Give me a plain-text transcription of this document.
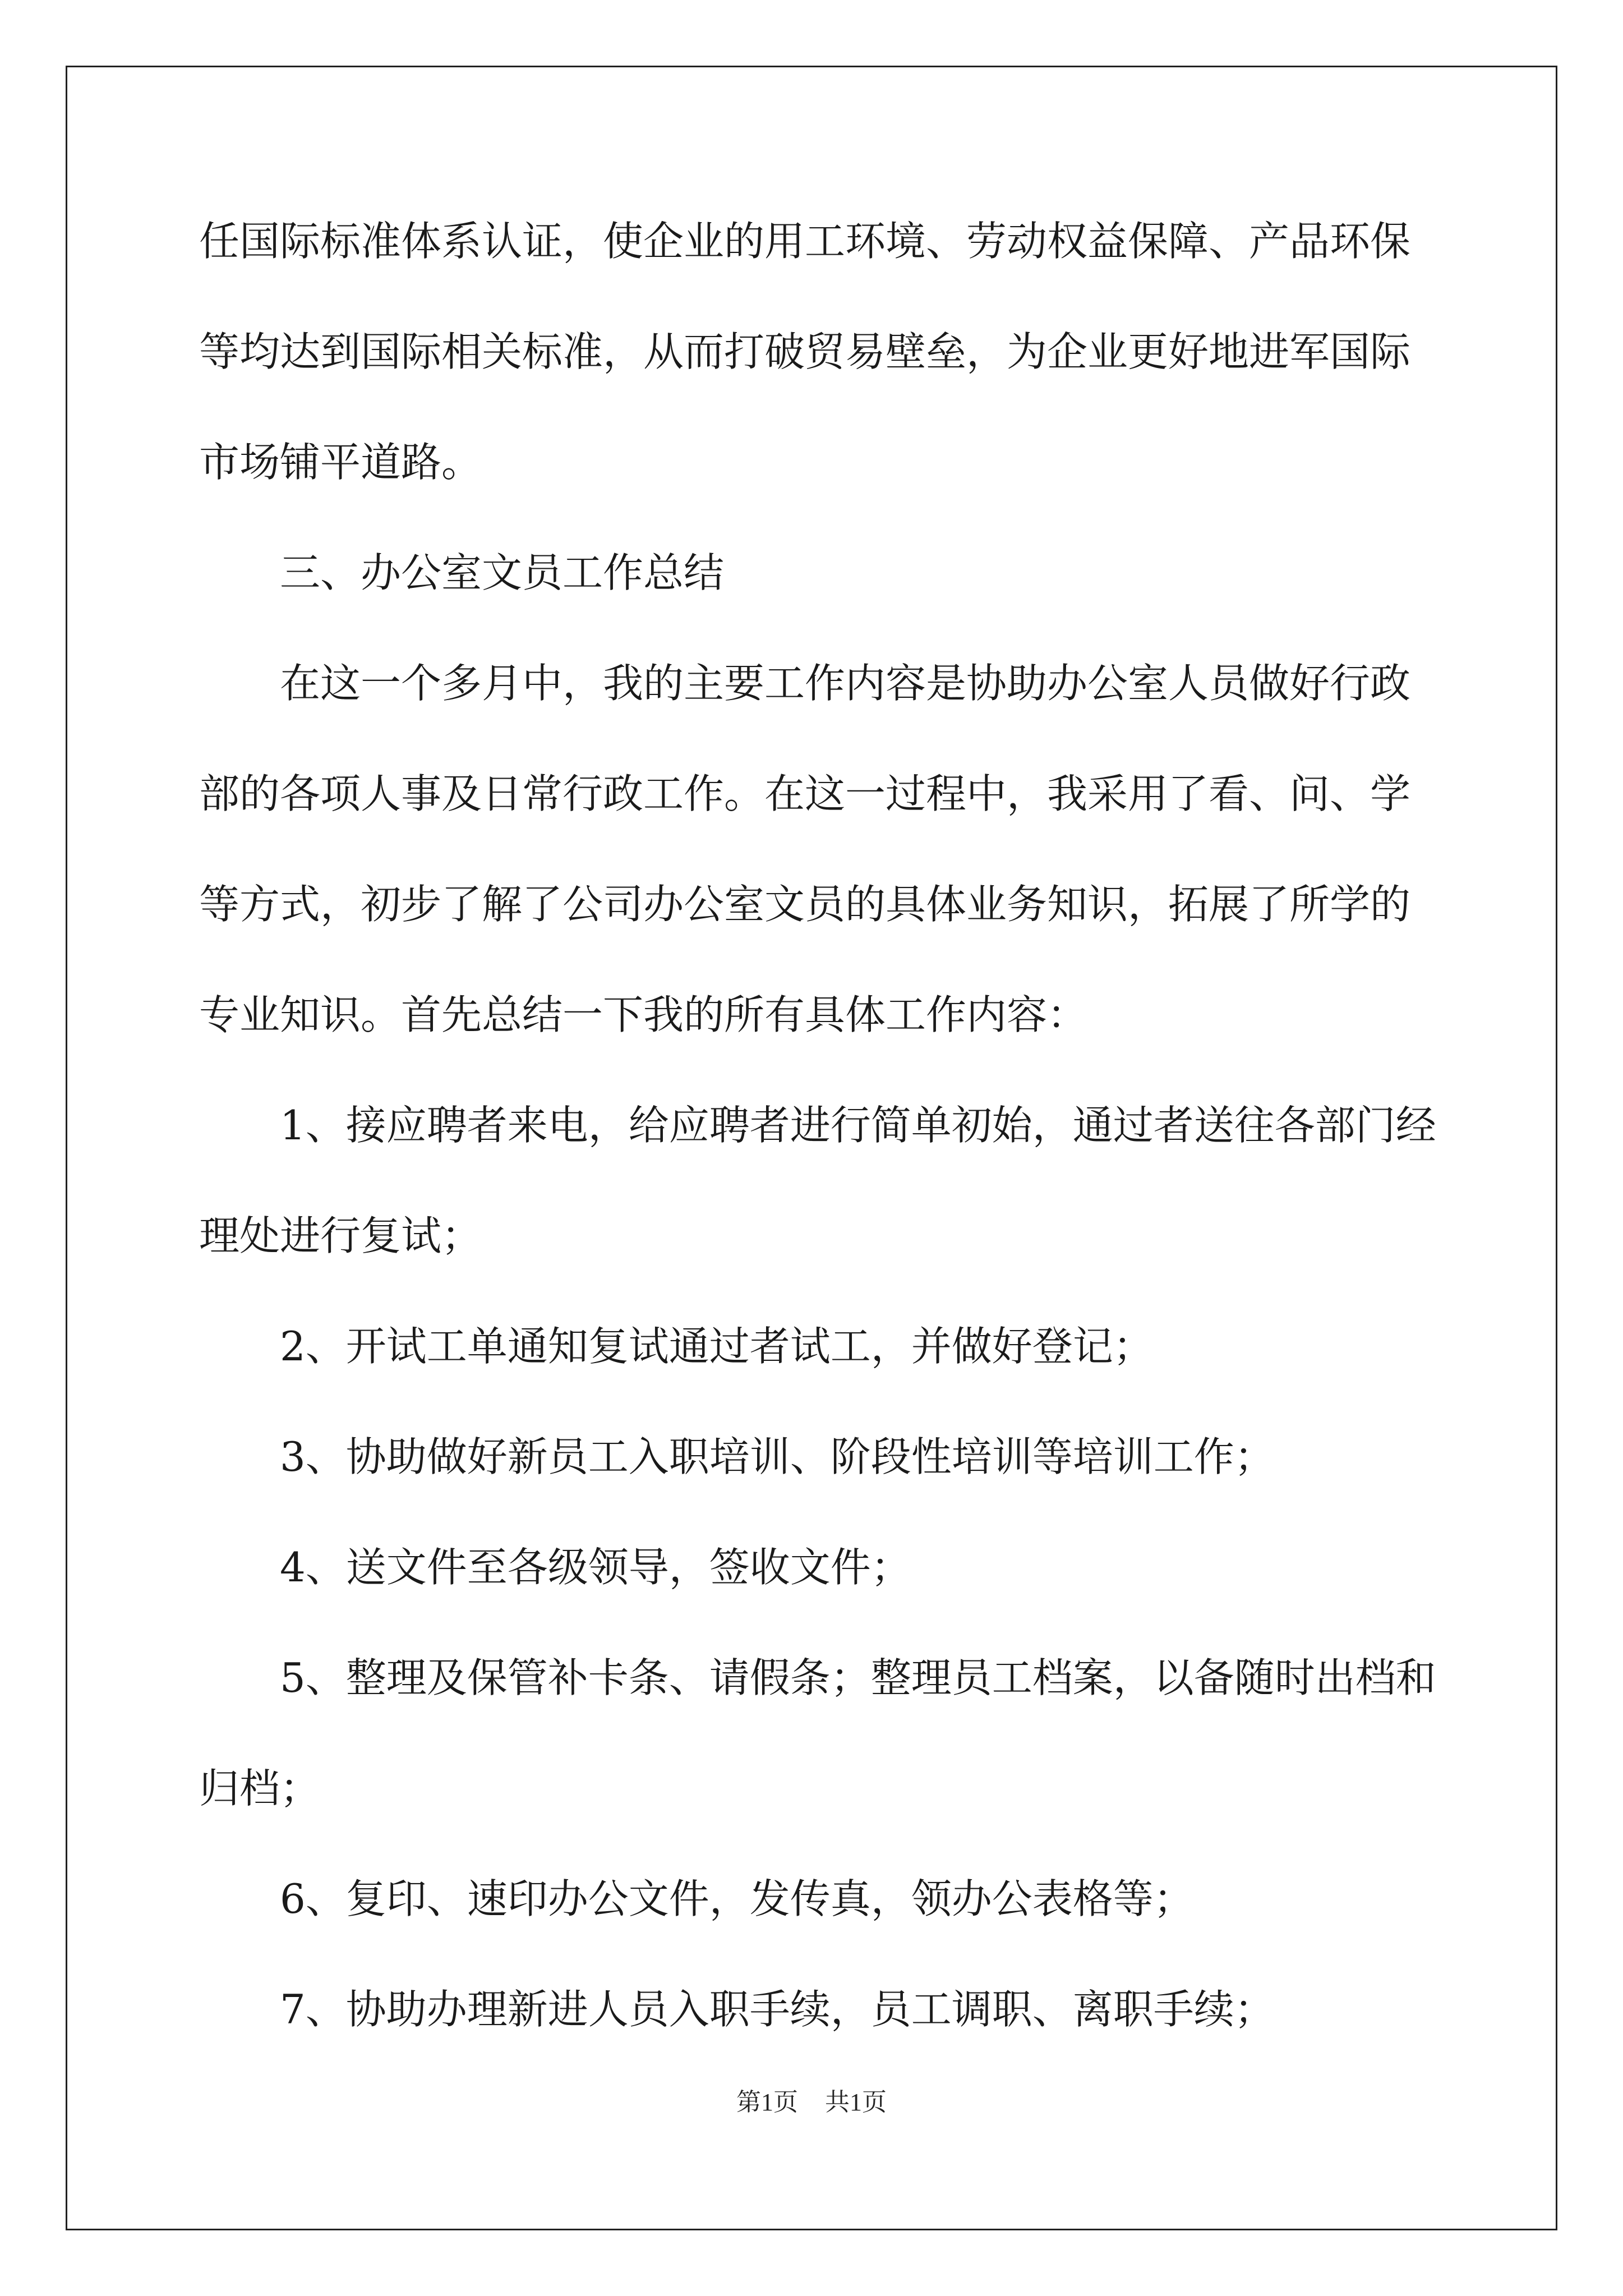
任国际标准体系认证，使企业的用工环境、劳动权益保障、产品环保
等均达到国际相关标准，从而打破贸易壁垒，为企业更好地进军国际
市场铺平道路。
三、办公室文员工作总结
在这一个多月中，我的主要工作内容是协助办公室人员做好行政
部的各项人事及日常行政工作。在这一过程中，我采用了看、问、学
等方式，初步了解了公司办公室文员的具体业务知识，拓展了所学的
专业知识。首先总结一下我的所有具体工作内容：
1、接应聘者来电，给应聘者进行简单初始，通过者送往各部门经
理处进行复试；
2、开试工单通知复试通过者试工，并做好登记；
3、协助做好新员工入职培训、阶段性培训等培训工作；
4、送文件至各级领导，签收文件；
5、整理及保管补卡条、请假条；整理员工档案，以备随时出档和
归档；
6、复印、速印办公文件，发传真，领办公表格等；
7、协助办理新进人员入职手续，员工调职、离职手续；
第1页 共1页
